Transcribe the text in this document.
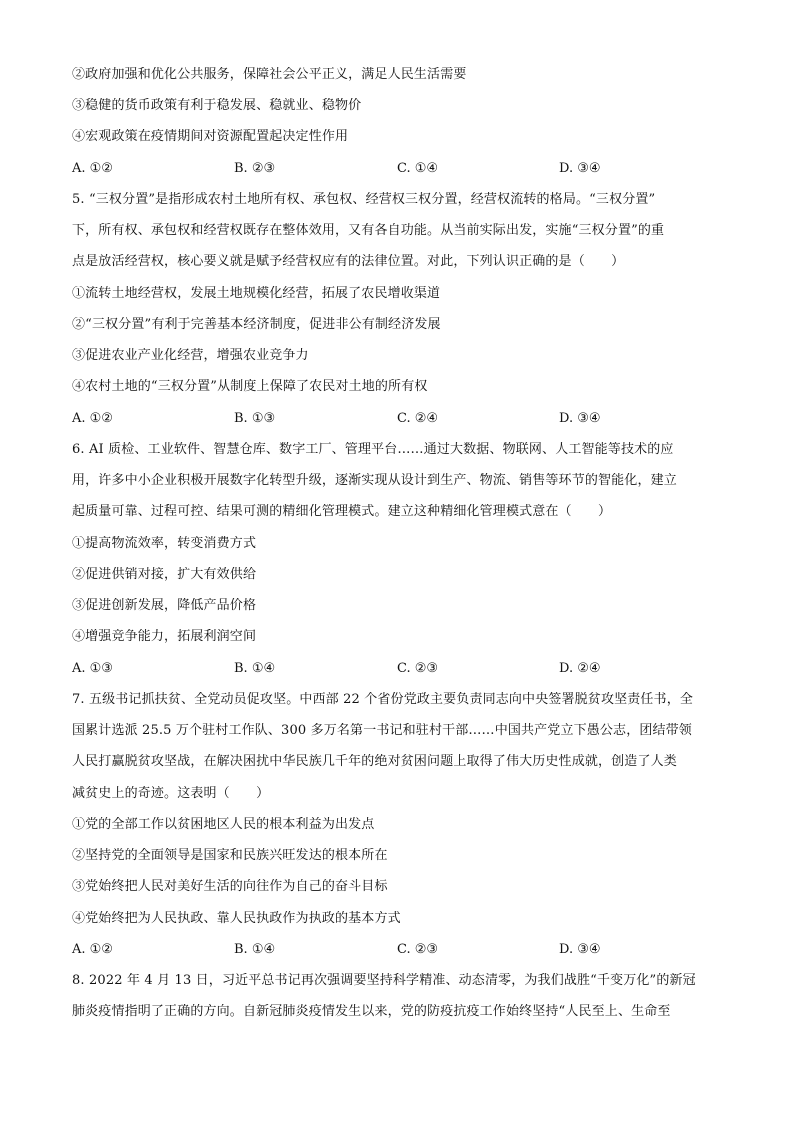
②政府加强和优化公共服务，保障社会公平正义，满足人民生活需要
③稳健的货币政策有利于稳发展、稳就业、稳物价
④宏观政策在疫情期间对资源配置起决定性作用
A. ①②	B. ②③	C. ①④	D. ③④
5. “三权分置”是指形成农村土地所有权、承包权、经营权三权分置，经营权流转的格局。“三权分置”
下，所有权、承包权和经营权既存在整体效用，又有各自功能。从当前实际出发，实施“三权分置”的重
点是放活经营权，核心要义就是赋予经营权应有的法律位置。对此，下列认识正确的是（　　）
①流转土地经营权，发展土地规模化经营，拓展了农民增收渠道
②“三权分置”有利于完善基本经济制度，促进非公有制经济发展
③促进农业产业化经营，增强农业竞争力
④农村土地的“三权分置”从制度上保障了农民对土地的所有权
A. ①②	B. ①③	C. ②④	D. ③④
6. AI 质检、工业软件、智慧仓库、数字工厂、管理平台……通过大数据、物联网、人工智能等技术的应
用，许多中小企业积极开展数字化转型升级，逐渐实现从设计到生产、物流、销售等环节的智能化，建立
起质量可靠、过程可控、结果可测的精细化管理模式。建立这种精细化管理模式意在（　　）
①提高物流效率，转变消费方式
②促进供销对接，扩大有效供给
③促进创新发展，降低产品价格
④增强竞争能力，拓展利润空间
A. ①③	B. ①④	C. ②③	D. ②④
7. 五级书记抓扶贫、全党动员促攻坚。中西部 22 个省份党政主要负责同志向中央签署脱贫攻坚责任书，全
国累计选派 25.5 万个驻村工作队、300 多万名第一书记和驻村干部……中国共产党立下愚公志，团结带领
人民打赢脱贫攻坚战，在解决困扰中华民族几千年的绝对贫困问题上取得了伟大历史性成就，创造了人类
减贫史上的奇迹。这表明（　　）
①党的全部工作以贫困地区人民的根本利益为出发点
②坚持党的全面领导是国家和民族兴旺发达的根本所在
③党始终把人民对美好生活的向往作为自己的奋斗目标
④党始终把为人民执政、靠人民执政作为执政的基本方式
A. ①②	B. ①④	C. ②③	D. ③④
8. 2022 年 4 月 13 日，习近平总书记再次强调要坚持科学精准、动态清零，为我们战胜“千变万化”的新冠
肺炎疫情指明了正确的方向。自新冠肺炎疫情发生以来，党的防疫抗疫工作始终坚持“人民至上、生命至
